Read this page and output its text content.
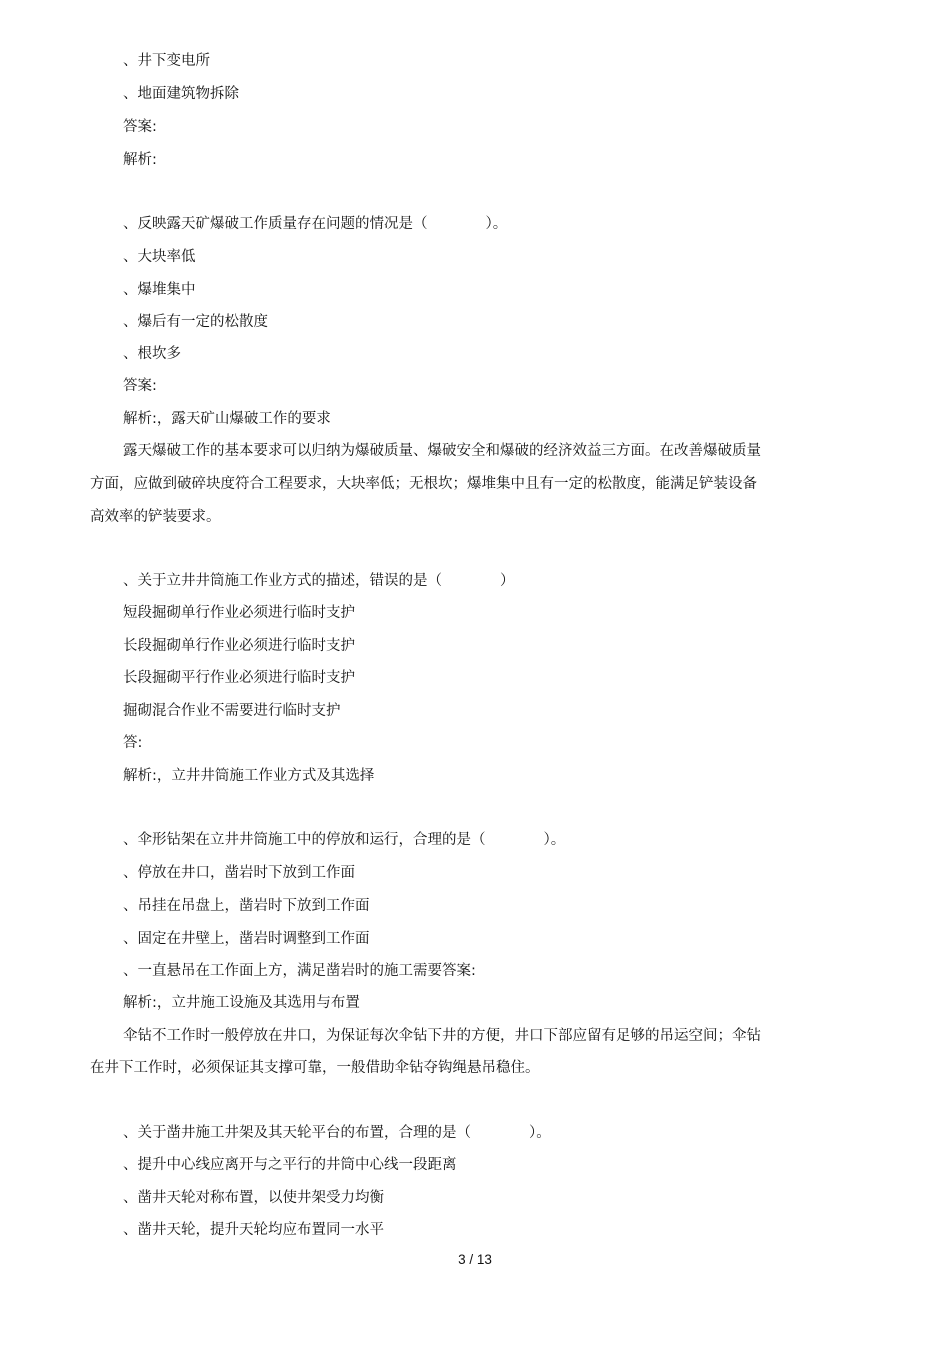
、井下变电所
、地面建筑物拆除
答案:
解析:
、反映露天矿爆破工作质量存在问题的情况是（　　　　）。
、大块率低
、爆堆集中
、爆后有一定的松散度
、根坎多
答案:
解析:，露天矿山爆破工作的要求
露天爆破工作的基本要求可以归纳为爆破质量、爆破安全和爆破的经济效益三方面。在改善爆破质量
方面，应做到破碎块度符合工程要求，大块率低；无根坎；爆堆集中且有一定的松散度，能满足铲装设备
高效率的铲装要求。
、关于立井井筒施工作业方式的描述，错误的是（　　　　）
短段掘砌单行作业必须进行临时支护
长段掘砌单行作业必须进行临时支护
长段掘砌平行作业必须进行临时支护
掘砌混合作业不需要进行临时支护
答:
解析:，立井井筒施工作业方式及其选择
、伞形钻架在立井井筒施工中的停放和运行，合理的是（　　　　）。
、停放在井口，凿岩时下放到工作面
、吊挂在吊盘上，凿岩时下放到工作面
、固定在井壁上，凿岩时调整到工作面
、一直悬吊在工作面上方，满足凿岩时的施工需要答案:
解析:，立井施工设施及其选用与布置
伞钻不工作时一般停放在井口，为保证每次伞钻下井的方便，井口下部应留有足够的吊运空间；伞钻
在井下工作时，必须保证其支撑可靠，一般借助伞钻夺钩绳悬吊稳住。
、关于凿井施工井架及其天轮平台的布置，合理的是（　　　　）。
、提升中心线应离开与之平行的井筒中心线一段距离
、凿井天轮对称布置，以使井架受力均衡
、凿井天轮，提升天轮均应布置同一水平
3 / 13
